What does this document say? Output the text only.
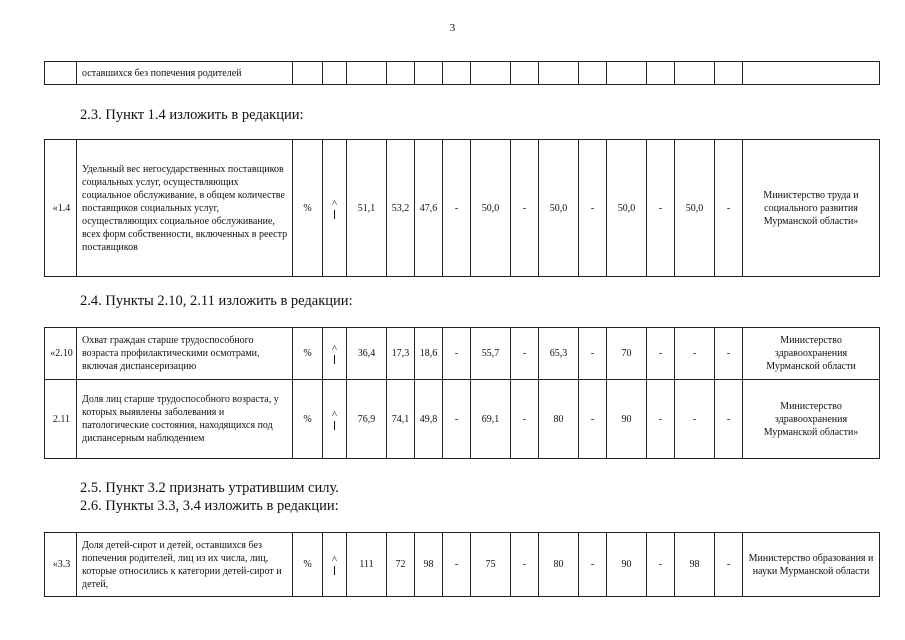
3
	оставшихся без попечения родителей															
2.3. Пункт 1.4 изложить в редакции:
«1.4	Удельный вес негосударственных поставщиков социальных услуг, осуществляющих социальное обслуживание, в общем количестве поставщиков социальных услуг, осуществляющих социальное обслуживание, всех форм собственности, включенных в реестр поставщиков	%	^	51,1	53,2	47,6	-	50,0	-	50,0	-	50,0	-	50,0	-	Министерство труда и социального развития Мурманской области»
2.4. Пункты 2.10, 2.11 изложить в редакции:
«2.10	Охват граждан старше трудоспособного возраста профилактическими осмотрами, включая диспансеризацию	%	^	36,4	17,3	18,6	-	55,7	-	65,3	-	70	-	-	-	Министерство здравоохранения Мурманской области
2.11	Доля лиц старше трудоспособного возраста, у которых выявлены заболевания и патологические состояния, находящихся под диспансерным наблюдением	%	^	76,9	74,1	49,8	-	69,1	-	80	-	90	-	-	-	Министерство здравоохранения Мурманской области»
2.5. Пункт 3.2 признать утратившим силу.
2.6. Пункты 3.3, 3.4 изложить в редакции:
«3.3	Доля детей-сирот и детей, оставшихся без попечения родителей, лиц из их числа, лиц, которые относились к категории детей-сирот и детей,	%	^	111	72	98	-	75	-	80	-	90	-	98	-	Министерство образования и науки Мурманской области
